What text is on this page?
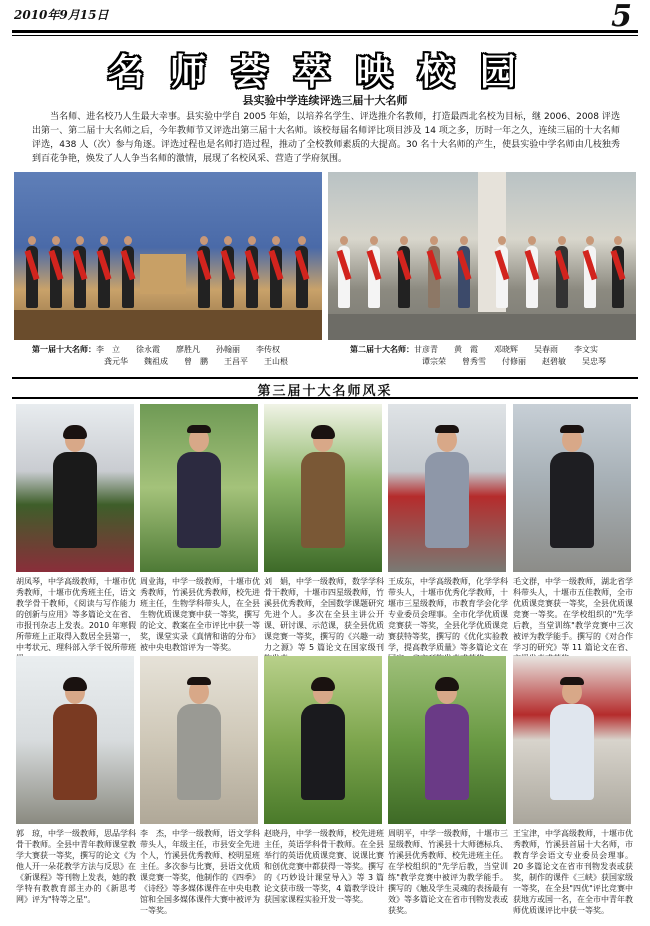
2010年9月15日	5
名师荟萃映校园
县实验中学连续评选三届十大名师
当名师、进名校乃人生最大幸事。县实验中学自 2005 年始，以培养名学生、评选推介名教师，打造最西北名校为目标，继 2006、2008 评选出第一、第二届十大名师之后，今年教师节又评选出第三届十大名师。该校每届名师评比项目涉及 14 项之多，历时一年之久，连续三届的十大名师评选，438 人（次）参与角逐。评选过程也是名师打造过程，推动了全校教师素质的大提高。30 名十大名师的产生，使县实验中学名师由几枝独秀到百花争艳，焕发了人人争当名师的激情，展现了名校风采、营造了学府氛围。
第一届十大名师：李　立　　徐永霞　　廖胜凡　　孙翰丽　　李传权
龚元华　　魏祖成　　曾　鹏　　王昌平　　王山根
第二届十大名师：甘彦青　　黄　霞　　邓晓辉　　吴春雨　　李文实
谭宗荣　　曾秀雪　　付修丽　　赵碧敏　　吴忠琴
第三届十大名师风采
胡凤琴，中学高级教师，十堰市优秀教师，十堰市优秀班主任，语文教学骨干教师，《阅读与写作能力的创新与应用》等多篇论文在省、市报刊杂志上发表。2010 年寒假所带班上正取得入数居全县第一，中考状元、理科部入学千锐所带班
周业海，中学一级教师，十堰市优秀教师，竹溪县优秀教师，校先进班主任，生物学科带头人，在全县生物优质课竞赛中获一等奖，撰写的论文、教案在全市评比中获一等奖，课堂实录《真情和谐的分布》被中央电教馆评为一等奖。
刘　娟，中学一级教师，数学学科骨干教师，十堰市四星级教师，竹溪县优秀教师，全国数学课题研究先进个人。多次在全县主讲公开课、研讨课、示范课，获全县优质课竞赛一等奖，撰写的《兴趣一动力之源》等 5 篇论文在国家级刊
王成东，中学高级教师，化学学科带头人，十堰市优秀化学教师，十堰市三星级教师，市教育学会化学专业委员会理事。全市化学优质课竞赛获一等奖，全县化学优质课竞赛获特等奖，撰写的《优化实验教学，提高教学质量》等多篇论文在
毛文群，中学一级教师，湖北省学科带头人，十堰市五佳教师，全市优质课竞赛获一等奖，全县优质课竞赛一等奖。在学校组织的"先学后教，当堂训练"教学竞赛中三次被评为教学能手。撰写的《对合作学习的研究》等 11 篇论文在省、
郭　琼，中学一级教师，思品学科骨干教师。全县中青年教师课堂教学大赛获一等奖，撰写的论文《为他人开一朵花教学方法与反思》在《新课程》等刊物上发表，她的教学特有教教育部主办的《新思考网》评为"特等之星"。
李　杰，中学一级教师，语文学科带头人，年级主任，市县安全先进个人，竹溪县优秀教师、校明星班主任。多次参与比赛，县语文优质课竞赛一等奖，他制作的《四季》《诗经》等多媒体课件在中央电教馆和全国多媒体课件大赛中被评为一等奖。
赵晓丹，中学一级教师，校先进班主任，英语学科骨干教师。在全县举行的英语优质课竞赛、说课比赛和创优竞赛中都获得一等奖。撰写的《巧妙设计课堂导入》等 3 篇论文获市级一等奖，4 篇教学设计获国家课程实验开发一等奖。
周明平，中学一级教师，十堰市三星级教师、竹溪县十大师德标兵、竹溪县优秀教师、校先进班主任。在学校组织的"先学后教，当堂训练"教学竞赛中被评为教学能手。撰写的《触及学生灵魂的表扬最有效》等多篇论文在省市刊物发表或获奖。
王宝津，中学高级教师，十堰市优秀教师，竹溪县首届十大名师，市教育学会语文专业委员会理事。20 多篇论文在省市刊物发表或获奖，制作的课件《三峡》获国家级一等奖，在全县"四优"评比竞赛中获地方或国一名，在全市中青年教师优质课评比中获一等奖。
